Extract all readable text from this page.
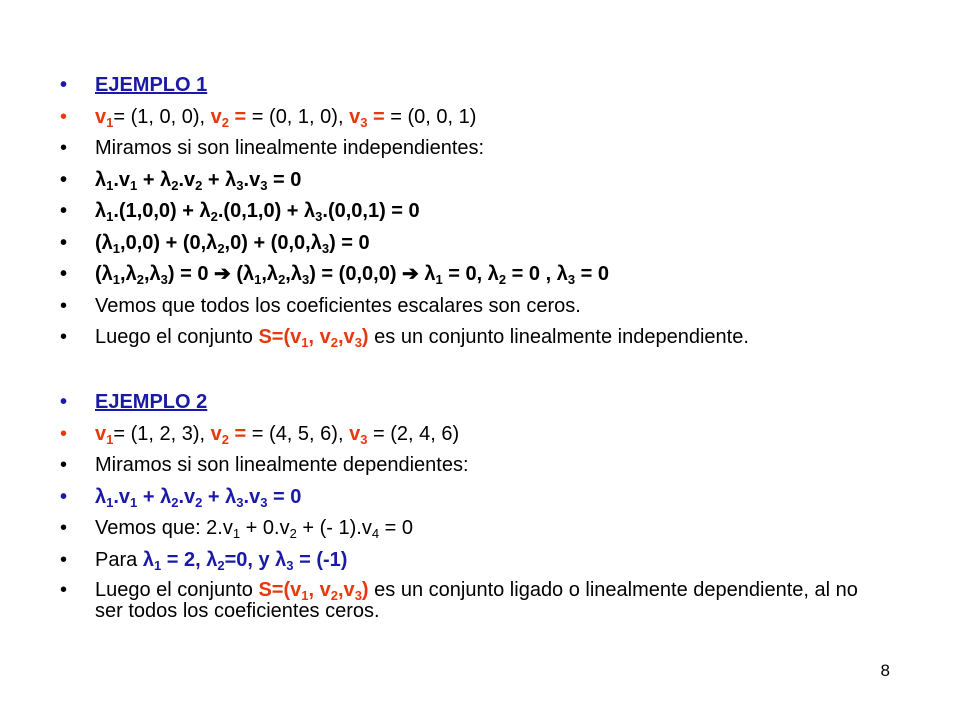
• EJEMPLO 1
• $v_1= (1$, 0, 0), $v_2$ = = (0, 1, 0), $v_3$ = = (0, 0, 1)
• Miramos si son linealmente independientes:
• $\lambda_1.v_1 + \lambda_2.v_2 + \lambda_3.v_3 = 0$
• $\lambda_1.(1,0,0) + \lambda_2.(0,1,0) + \lambda_3.(0,0,1) = 0$
• $(\lambda_1,0,0) + (0,\lambda_2,0) + (0,0,\lambda_3) = 0$
• $(\lambda_1,\lambda_2,\lambda_3) = 0$ ➔ $(\lambda_1,\lambda_2,\lambda_3) = (0,0,0)$ ➔ $\lambda_1 = 0$, $\lambda_2 = 0$ , $\lambda_3 = 0$
• Vemos que todos los coeficientes escalares son ceros.
• Luego el conjunto $S=(v_1$, $v_2,v_3$) es un conjunto linealmente independiente.
• EJEMPLO 2
• $v_1= (1$, 2, 3), $v_2$ = = (4, 5, 6), $v_3 = (2$, 4, 6)
• Miramos si son linealmente dependientes:
• $\lambda_1.v_1 + \lambda_2.v_2 + \lambda_3.v_3 = 0$
• Vemos que: $2.v_1 + 0.v_2$ + (- $1).v_4 = 0$
• Para $\lambda_1 = 2$, $\lambda_2=0$, y $\lambda_3 = (-1)$
• Luego el conjunto $S=(v_1$, $v_2,v_3$) es un conjunto ligado o linealmente dependiente, al no ser todos los coeficientes ceros.
8
